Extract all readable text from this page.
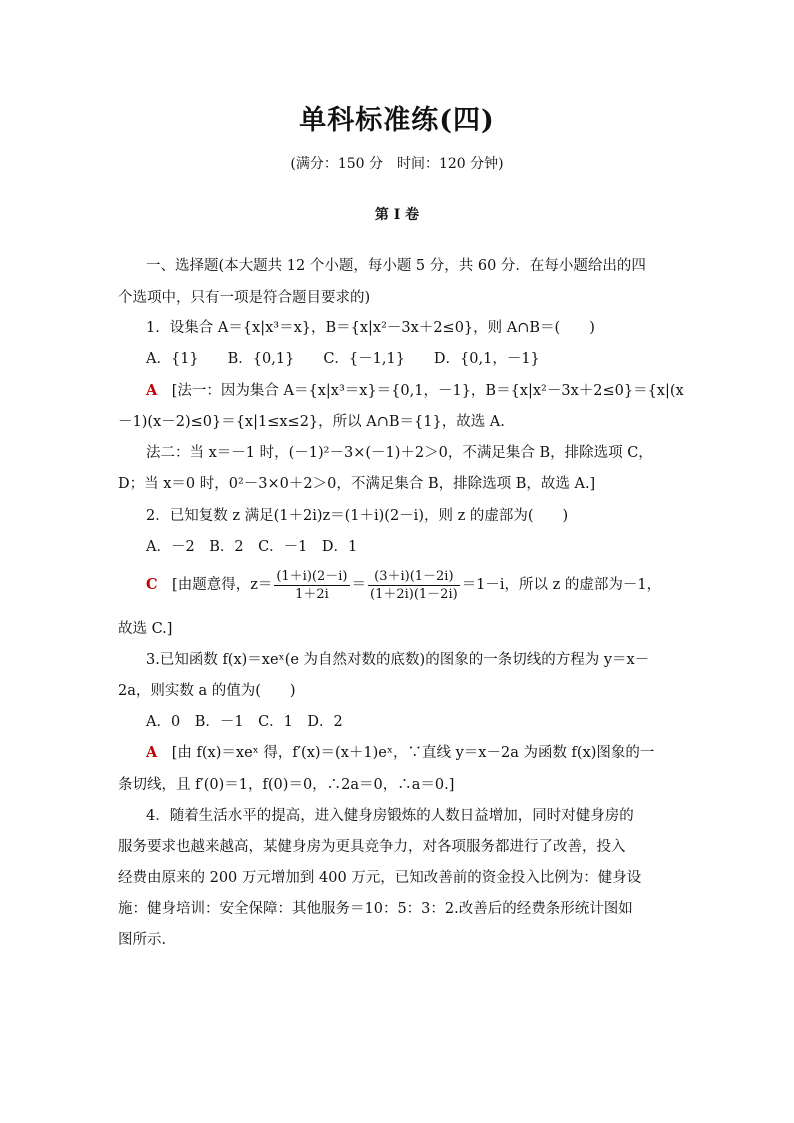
单科标准练(四)
(满分：150 分　时间：120 分钟)
第 I 卷
一、选择题(本大题共 12 个小题，每小题 5 分，共 60 分．在每小题给出的四
个选项中，只有一项是符合题目要求的)
1．设集合 A＝{x|x³＝x}，B＝{x|x²－3x＋2≤0}，则 A∩B＝(　　)
A．{1}　　B．{0,1}　　C．{－1,1}　　D．{0,1，－1}
A　[法一：因为集合 A＝{x|x³＝x}＝{0,1，－1}，B＝{x|x²－3x＋2≤0}＝{x|(x
－1)(x－2)≤0}＝{x|1≤x≤2}，所以 A∩B＝{1}，故选 A.
法二：当 x＝－1 时，(－1)²－3×(－1)＋2＞0，不满足集合 B，排除选项 C，
D；当 x＝0 时，0²－3×0＋2＞0，不满足集合 B，排除选项 B，故选 A.]
2．已知复数 z 满足(1＋2i)z＝(1＋i)(2－i)，则 z 的虚部为(　　)
A．－2　B．2　C．－1　D．1
C　[由题意得，$z= \frac{(1+i)(2-i)}{1+2i} = \frac{(3+i)(1-2i)}{(1+2i)(1-2i)} =1-i$，所以 z 的虚部为－1，
故选 C.]
3.已知函数 f(x)＝xeˣ(e 为自然对数的底数)的图象的一条切线的方程为 y＝x－
2a，则实数 a 的值为(　　)
A．0　B．－1　C．1　D．2
A　[由 f(x)＝xeˣ 得，f′(x)＝(x＋1)eˣ，∵直线 y＝x－2a 为函数 f(x)图象的一
条切线，且 f′(0)＝1，f(0)＝0，∴2a＝0，∴a＝0.]
4．随着生活水平的提高，进入健身房锻炼的人数日益增加，同时对健身房的
服务要求也越来越高，某健身房为更具竞争力，对各项服务都进行了改善，投入
经费由原来的 200 万元增加到 400 万元，已知改善前的资金投入比例为：健身设
施：健身培训：安全保障：其他服务＝10：5：3：2.改善后的经费条形统计图如
图所示.
